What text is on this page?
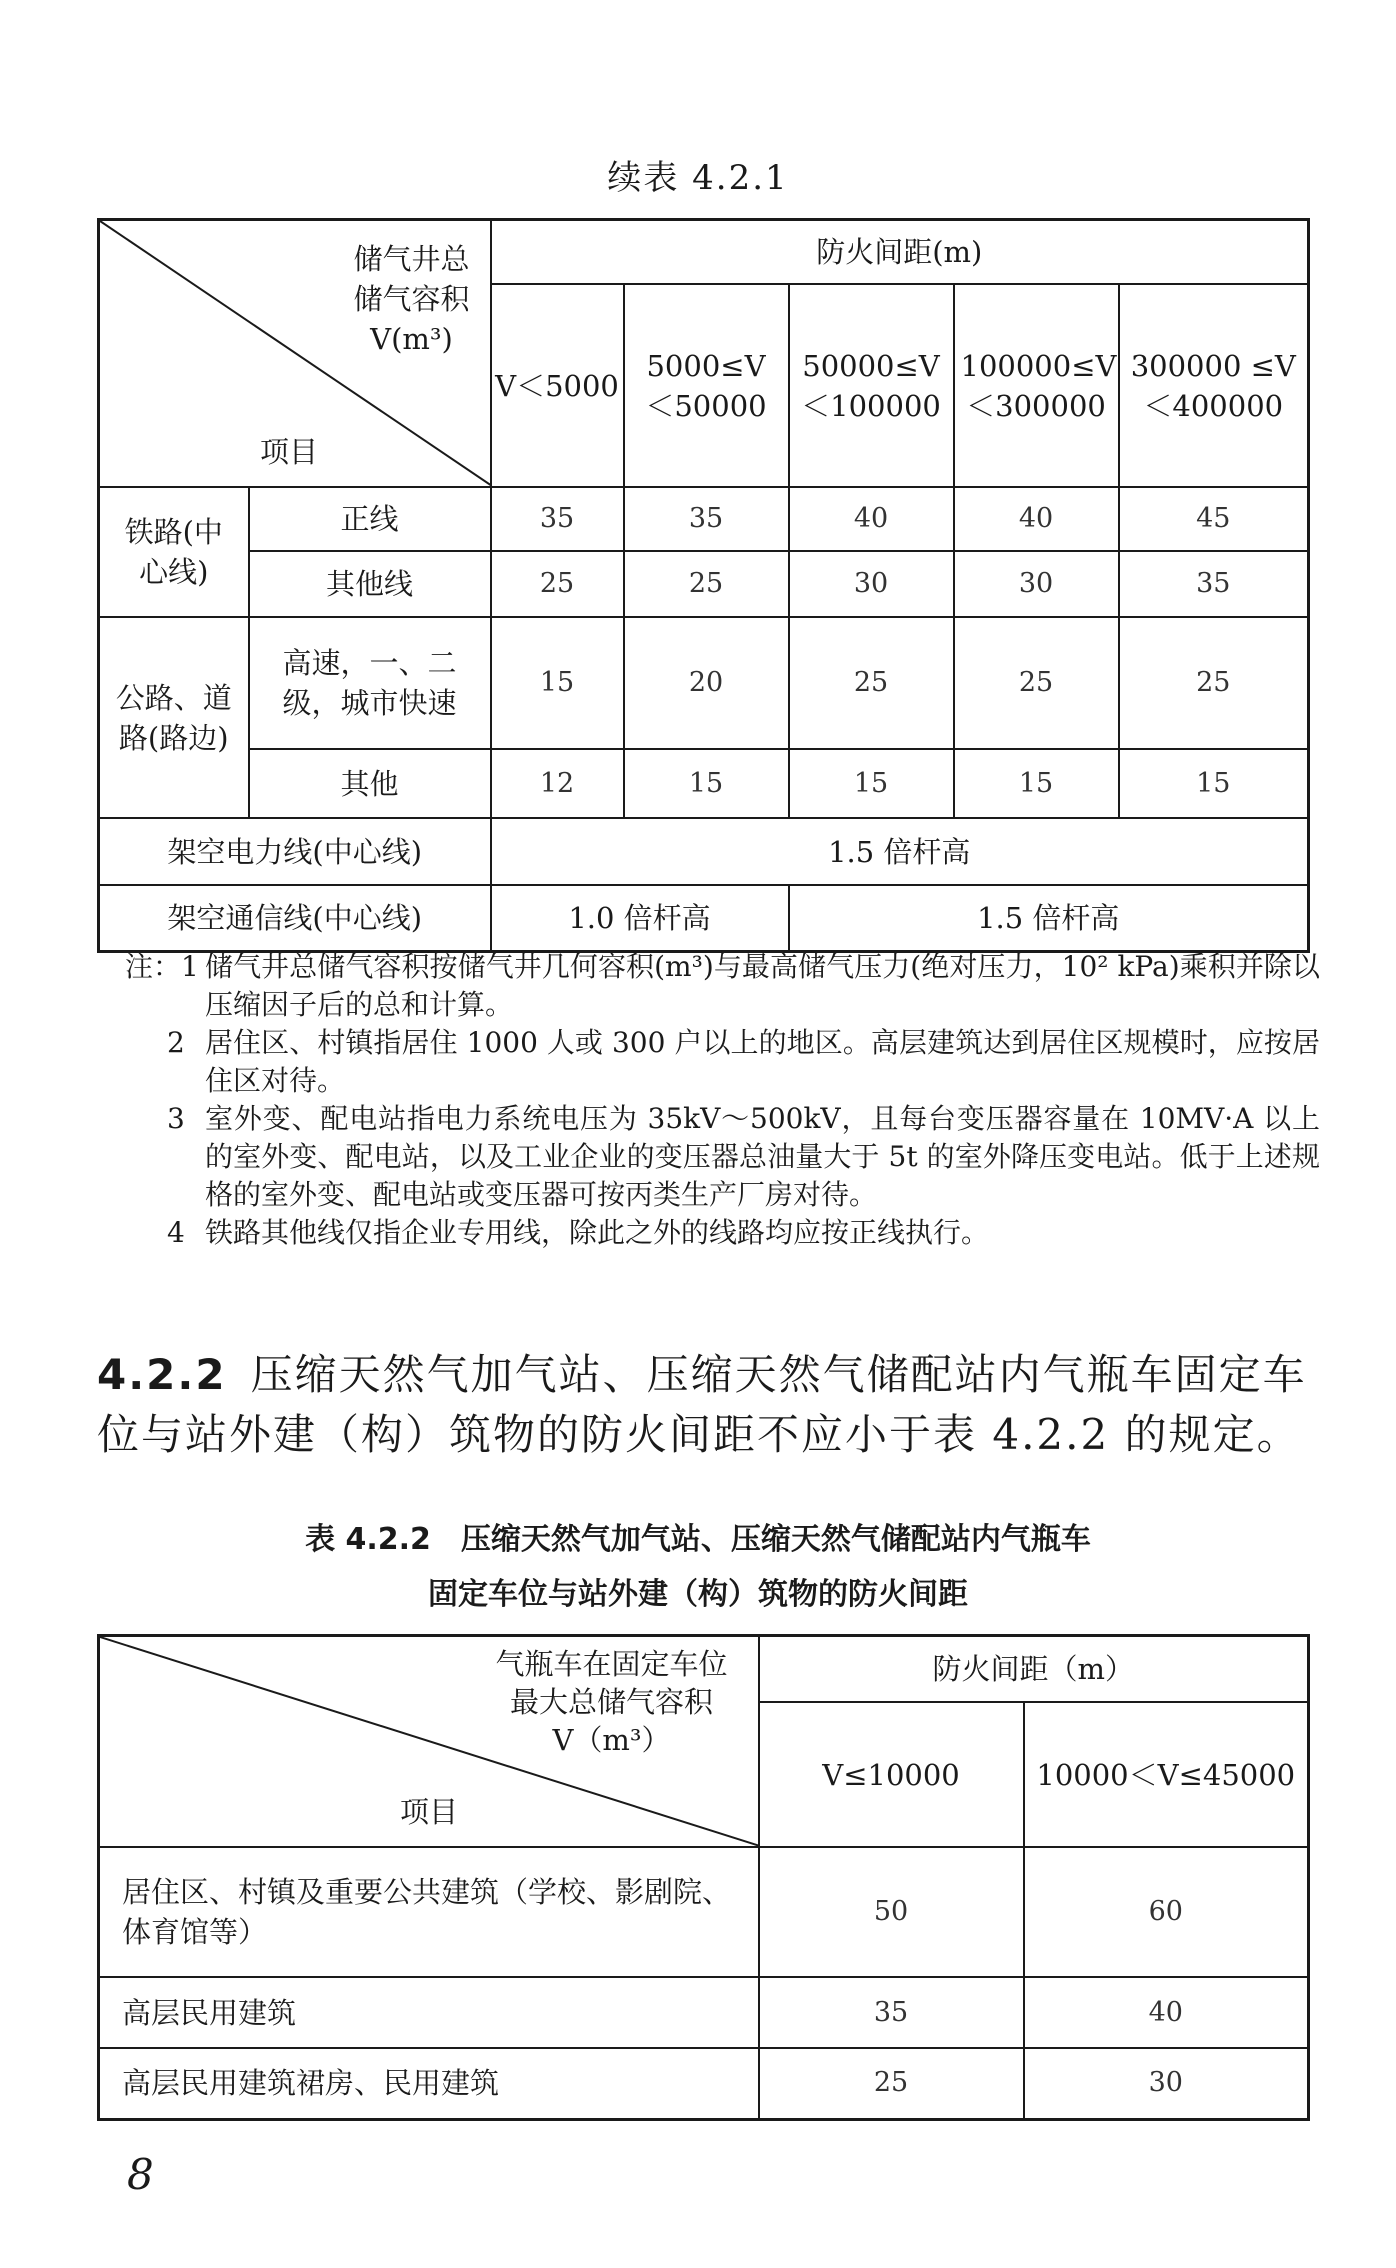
续表 4.2.1
储气井总
储气容积
V(m³)
项目		防火间距(m)				
		V＜5000	5000≤V ＜50000	50000≤V ＜100000	100000≤V ＜300000	300000 ≤V ＜400000
铁路(中心线)	正线	35	35	40	40	45
	其他线	25	25	30	30	35
公路、道路(路边)	高速，一、二级，城市快速	15	20	25	25	25
	其他	12	15	15	15	15
架空电力线(中心线)		1.5 倍杆高				
架空通信线(中心线)		1.0 倍杆高		1.5 倍杆高		
注：1 储气井总储气容积按储气井几何容积(m³)与最高储气压力(绝对压力，10² kPa)乘积并除以压缩因子后的总和计算。
2 居住区、村镇指居住 1000 人或 300 户以上的地区。高层建筑达到居住区规模时，应按居住区对待。
3 室外变、配电站指电力系统电压为 35kV～500kV，且每台变压器容量在 10MV·A 以上的室外变、配电站，以及工业企业的变压器总油量大于 5t 的室外降压变电站。低于上述规格的室外变、配电站或变压器可按丙类生产厂房对待。
4 铁路其他线仅指企业专用线，除此之外的线路均应按正线执行。
4.2.2 压缩天然气加气站、压缩天然气储配站内气瓶车固定车位与站外建（构）筑物的防火间距不应小于表 4.2.2 的规定。
表 4.2.2　压缩天然气加气站、压缩天然气储配站内气瓶车
固定车位与站外建（构）筑物的防火间距
气瓶车在固定车位
最大总储气容积
V（m³）
项目	防火间距（m）	
	V≤10000	10000＜V≤45000
居住区、村镇及重要公共建筑（学校、影剧院、体育馆等）	50	60
高层民用建筑	35	40
高层民用建筑裙房、民用建筑	25	30
8
